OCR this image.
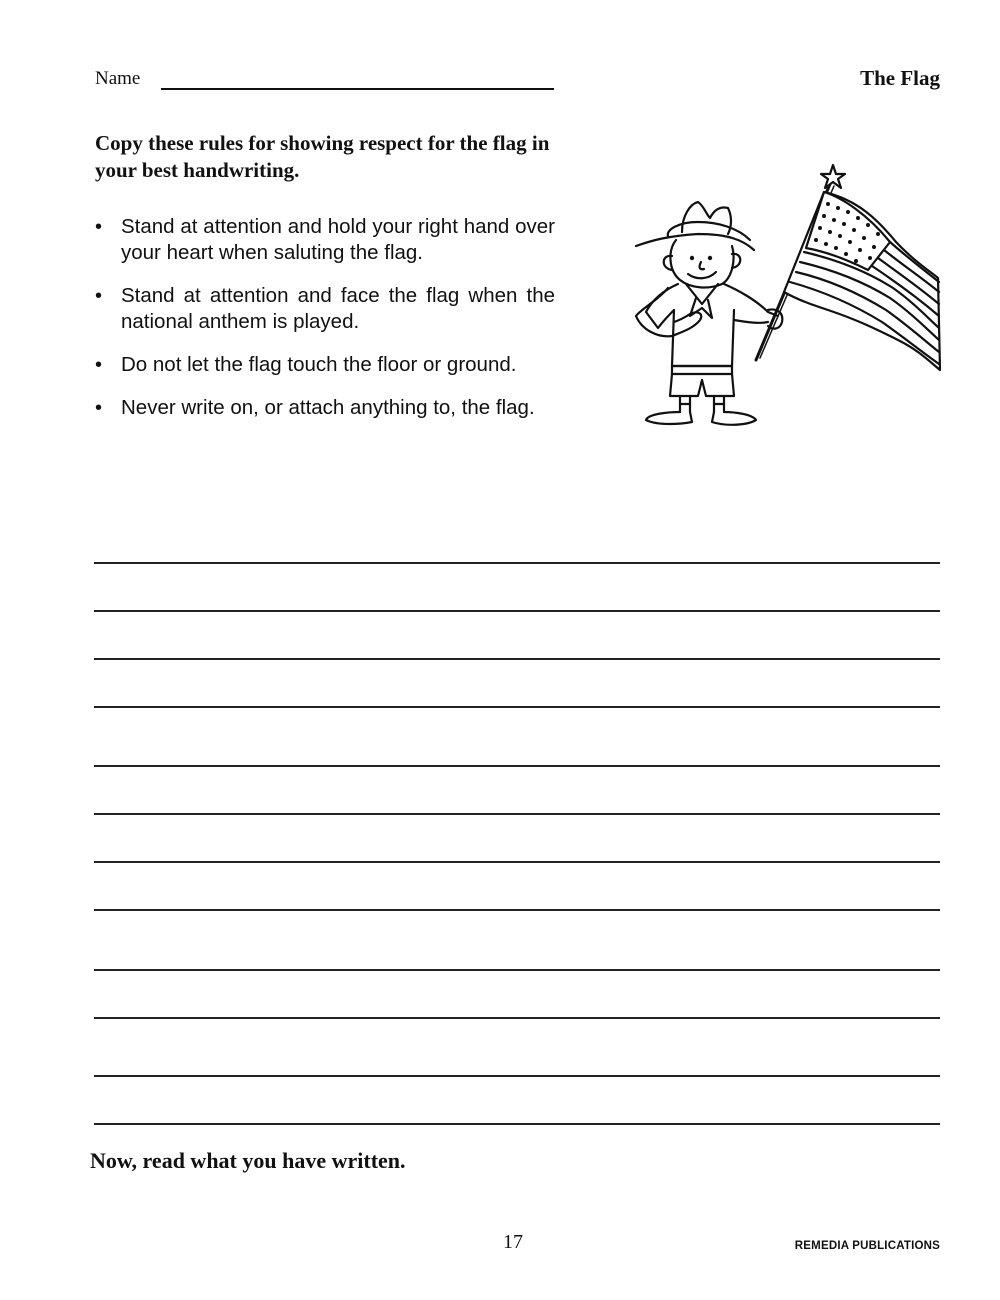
Name	The Flag
Copy these rules for showing respect for the flag in your best handwriting.
• Stand at attention and hold your right hand over your heart when saluting the flag.
• Stand at attention and face the flag when the national anthem is played.
• Do not let the flag touch the floor or ground.
• Never write on, or attach anything to, the flag.
Now, read what you have written.
17	REMEDIA PUBLICATIONS
